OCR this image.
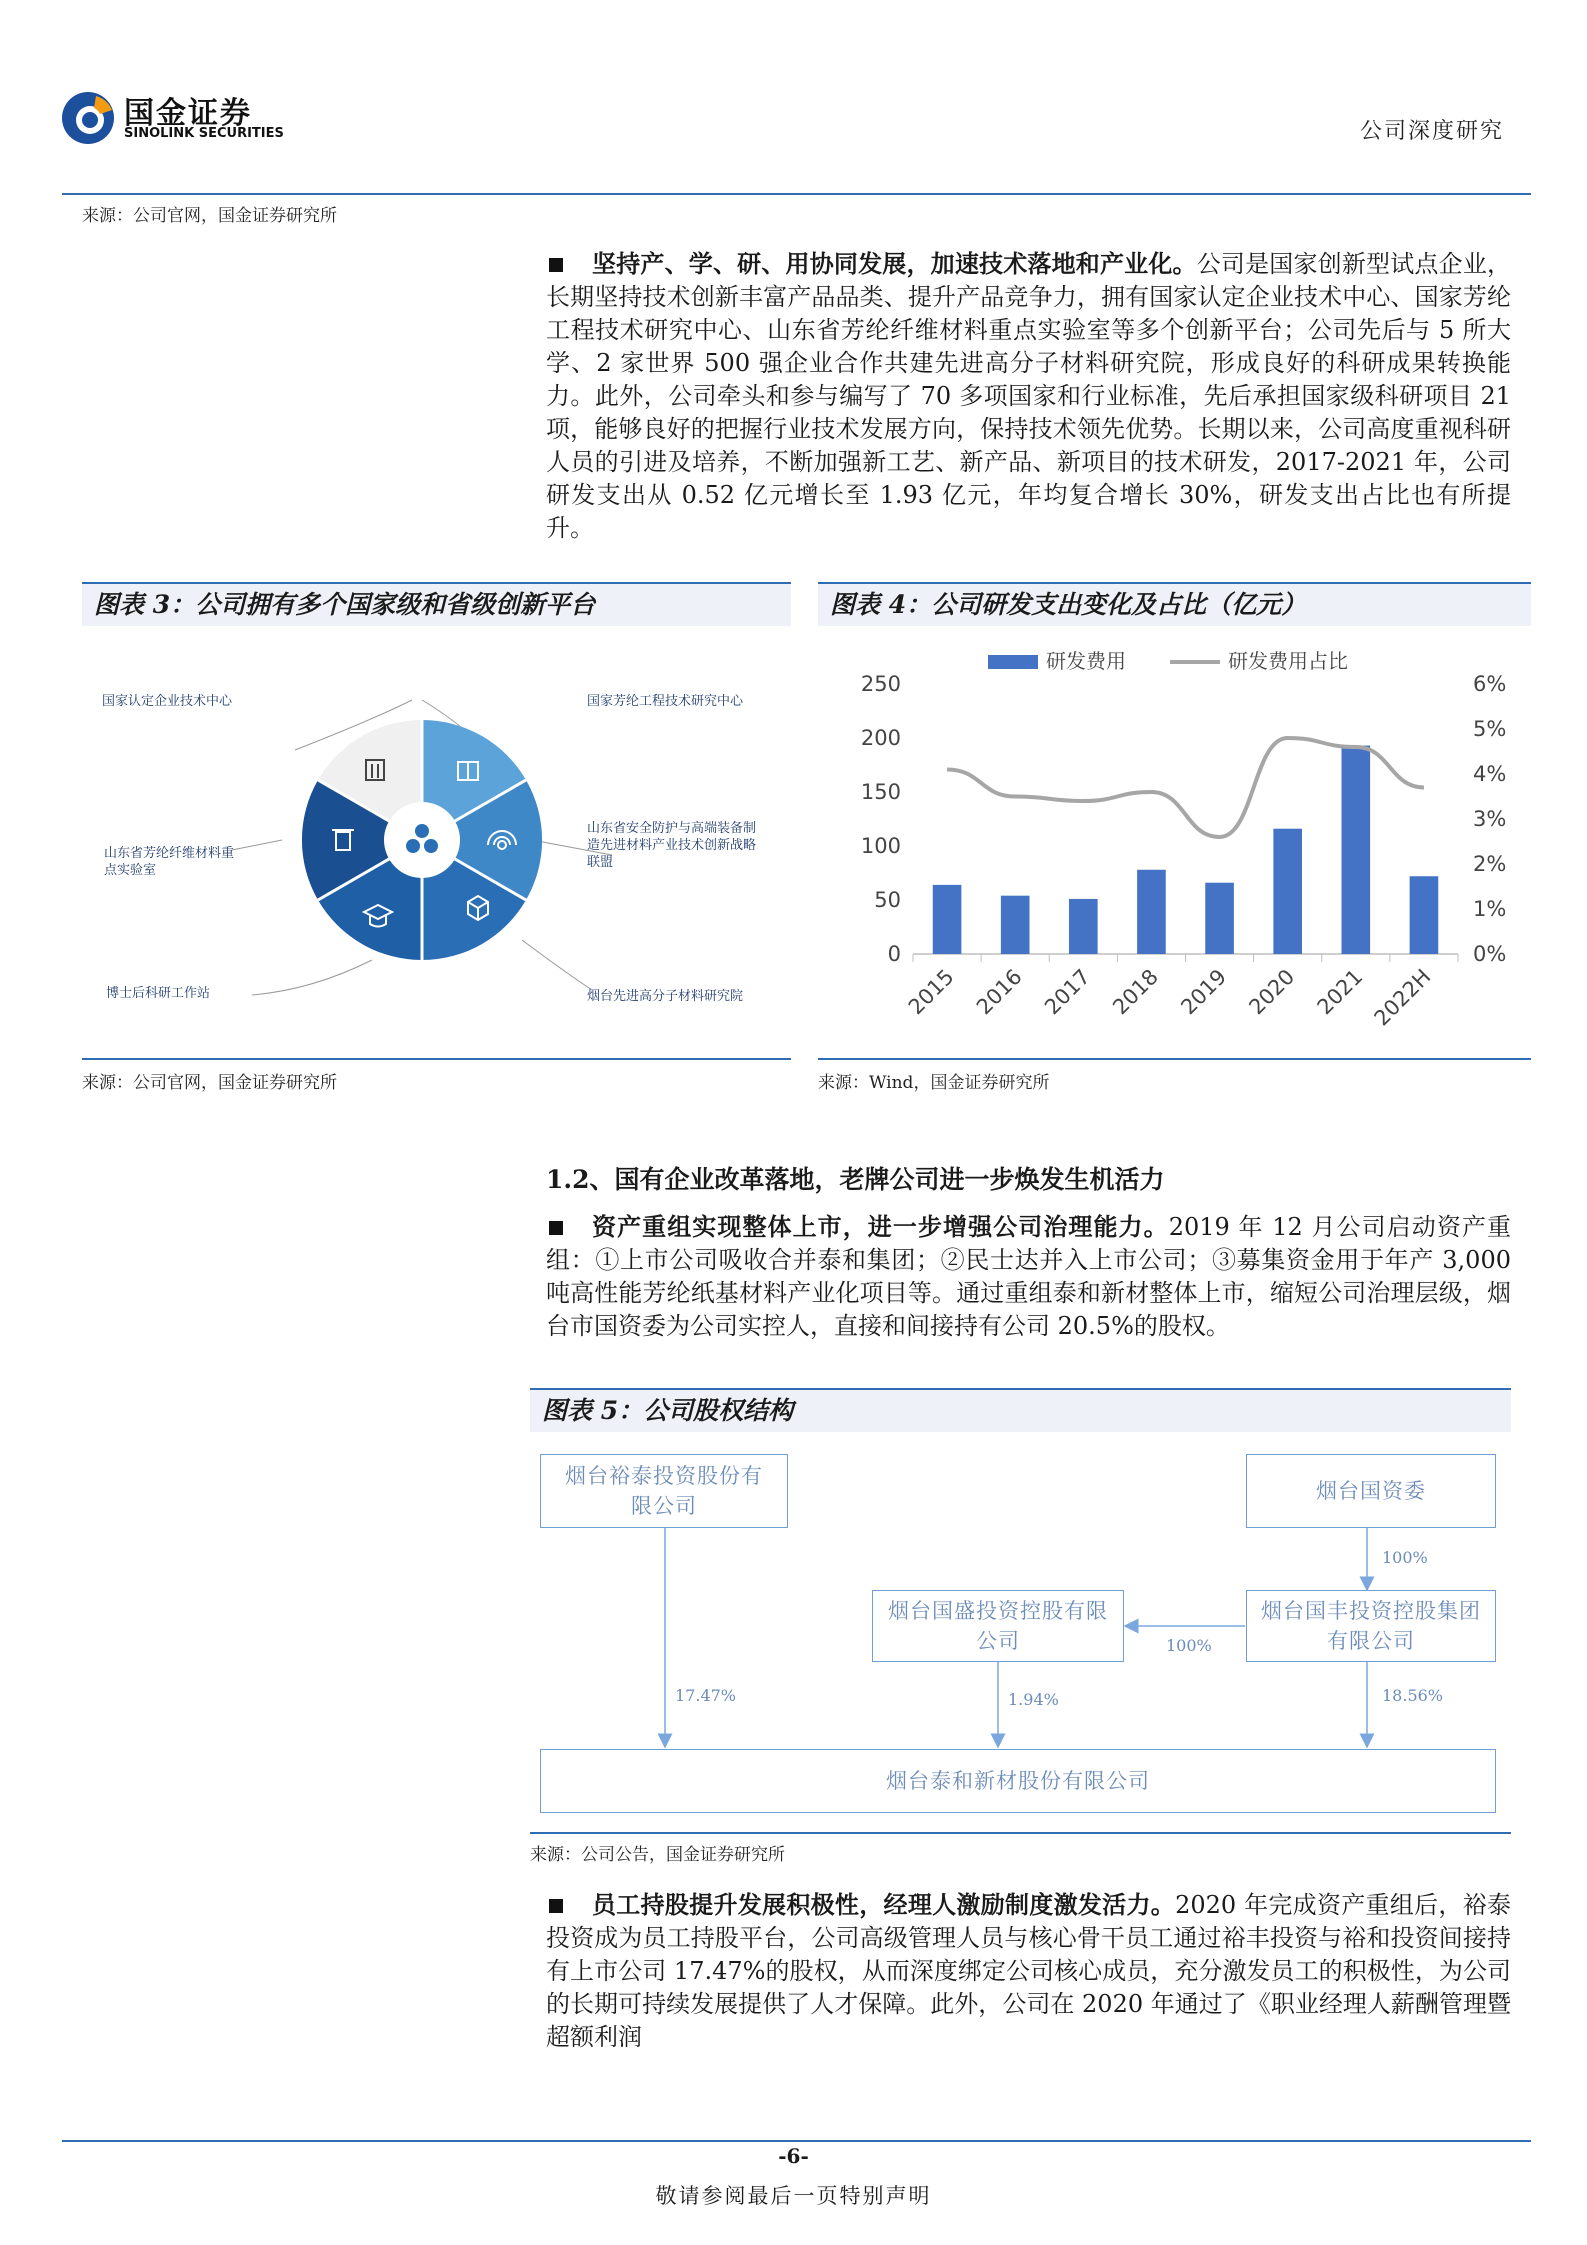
国金证券
SINOLINK SECURITIES	公司深度研究
来源：公司官网，国金证券研究所
坚持产、学、研、用协同发展，加速技术落地和产业化。公司是国家创新型试点企业，长期坚持技术创新丰富产品品类、提升产品竞争力，拥有国家认定企业技术中心、国家芳纶工程技术研究中心、山东省芳纶纤维材料重点实验室等多个创新平台；公司先后与 5 所大学、2 家世界 500 强企业合作共建先进高分子材料研究院，形成良好的科研成果转换能力。此外，公司牵头和参与编写了 70 多项国家和行业标准，先后承担国家级科研项目 21 项，能够良好的把握行业技术发展方向，保持技术领先优势。长期以来，公司高度重视科研人员的引进及培养，不断加强新工艺、新产品、新项目的技术研发，2017-2021 年，公司研发支出从 0.52 亿元增长至 1.93 亿元，年均复合增长 30%，研发支出占比也有所提升。
图表 3：公司拥有多个国家级和省级创新平台
国家认定企业技术中心	国家芳纶工程技术研究中心
山东省安全防护与高端装备制造先进材料产业技术创新战略联盟
烟台先进高分子材料研究院
博士后科研工作站
山东省芳纶纤维材料重点实验室
来源：公司官网，国金证券研究所
图表 4：公司研发支出变化及占比（亿元）
研发费用	研发费用占比
0
50
100
150
200
250
0%
1%
2%
3%
4%
5%
6%
2015 2016 2017 2018 2019 2020 2021 2022H
来源：Wind，国金证券研究所
1.2、国有企业改革落地，老牌公司进一步焕发生机活力
资产重组实现整体上市，进一步增强公司治理能力。2019 年 12 月公司启动资产重组：①上市公司吸收合并泰和集团；②民士达并入上市公司；③募集资金用于年产 3,000 吨高性能芳纶纸基材料产业化项目等。通过重组泰和新材整体上市，缩短公司治理层级，烟台市国资委为公司实控人，直接和间接持有公司 20.5%的股权。
图表 5：公司股权结构
烟台裕泰投资股份有限公司
烟台国资委
烟台国盛投资控股有限公司
烟台国丰投资控股集团有限公司
烟台泰和新材股份有限公司
100%
100%
17.47%	1.94%	18.56%
来源：公司公告，国金证券研究所
员工持股提升发展积极性，经理人激励制度激发活力。2020 年完成资产重组后，裕泰投资成为员工持股平台，公司高级管理人员与核心骨干员工通过裕丰投资与裕和投资间接持有上市公司 17.47%的股权，从而深度绑定公司核心成员，充分激发员工的积极性，为公司的长期可持续发展提供了人才保障。此外，公司在 2020 年通过了《职业经理人薪酬管理暨超额利润
-6-
敬请参阅最后一页特别声明
